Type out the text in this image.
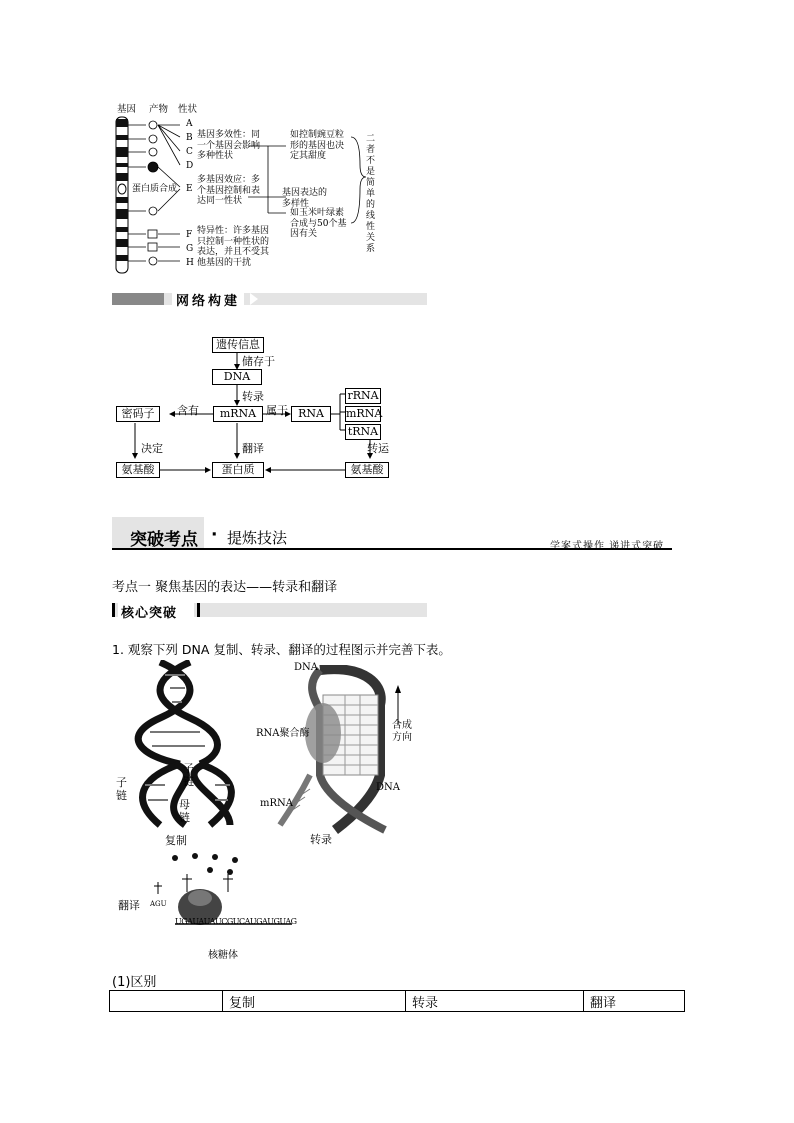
基因 产物 性状
A
B
C
D
E
F
G
H
蛋白质合成
基因多效性：同一个基因会影响多种性状
多基因效应：多个基因控制和表达同一性状
特异性：许多基因只控制一种性状的表达，并且不受其他基因的干扰
如控制豌豆粒形的基因也决定其甜度
基因表达的多样性
如玉米叶绿素合成与50个基因有关
二者不是简单的线性关系
网络构建
遗传信息
储存于
DNA
转录
mRNA
含有
密码子	属于 RNA
rRNA
mRNA
tRNA
决定	翻译	转运
氨基酸	蛋白质	氨基酸
突破考点 · 提炼技法	学案式操作 递进式突破
考点一 聚焦基因的表达——转录和翻译
核心突破
1. 观察下列 DNA 复制、转录、翻译的过程图示并完善下表。
子链
子链
母链
复制
DNA
RNA聚合酶
合成方向
DNA
mRNA
转录
AGU
UGAUAUAUCGUCAUGAUGUAG
翻译
核糖体
(1)区别
	复制	转录	翻译
